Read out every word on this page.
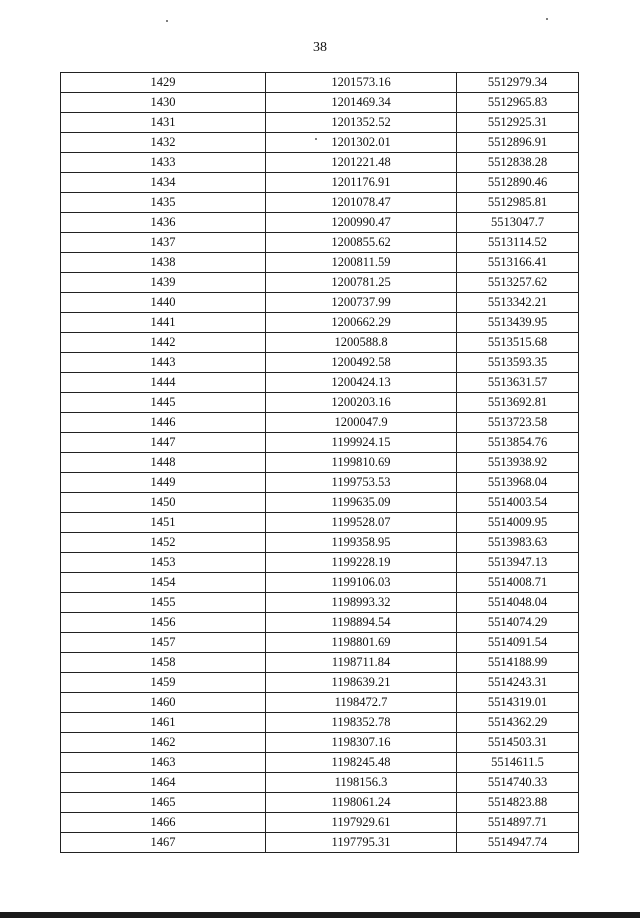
38
1429	1201573.16	5512979.34
1430	1201469.34	5512965.83
1431	1201352.52	5512925.31
1432	1201302.01	5512896.91
1433	1201221.48	5512838.28
1434	1201176.91	5512890.46
1435	1201078.47	5512985.81
1436	1200990.47	5513047.7
1437	1200855.62	5513114.52
1438	1200811.59	5513166.41
1439	1200781.25	5513257.62
1440	1200737.99	5513342.21
1441	1200662.29	5513439.95
1442	1200588.8	5513515.68
1443	1200492.58	5513593.35
1444	1200424.13	5513631.57
1445	1200203.16	5513692.81
1446	1200047.9	5513723.58
1447	1199924.15	5513854.76
1448	1199810.69	5513938.92
1449	1199753.53	5513968.04
1450	1199635.09	5514003.54
1451	1199528.07	5514009.95
1452	1199358.95	5513983.63
1453	1199228.19	5513947.13
1454	1199106.03	5514008.71
1455	1198993.32	5514048.04
1456	1198894.54	5514074.29
1457	1198801.69	5514091.54
1458	1198711.84	5514188.99
1459	1198639.21	5514243.31
1460	1198472.7	5514319.01
1461	1198352.78	5514362.29
1462	1198307.16	5514503.31
1463	1198245.48	5514611.5
1464	1198156.3	5514740.33
1465	1198061.24	5514823.88
1466	1197929.61	5514897.71
1467	1197795.31	5514947.74
